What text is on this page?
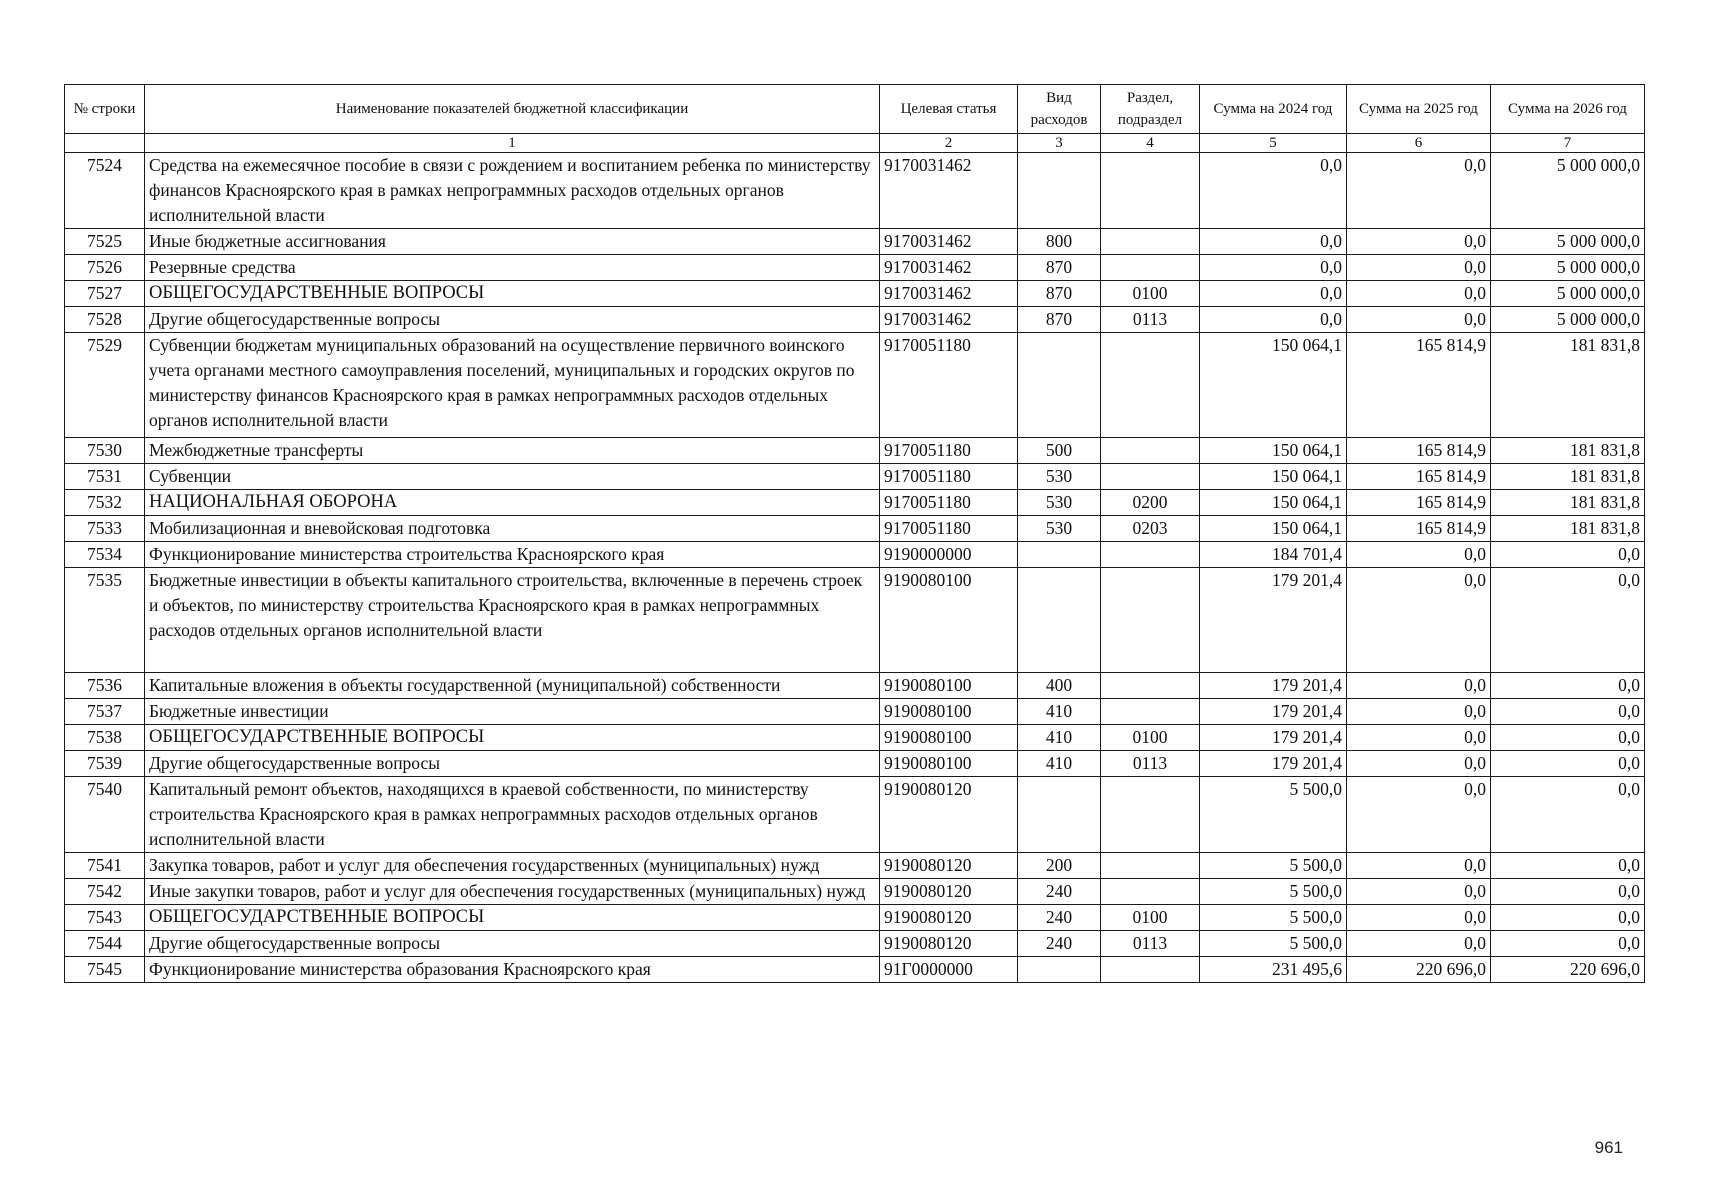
№ строки	Наименование показателей бюджетной классификации	Целевая статья	Вид расходов	Раздел, подраздел	Сумма на 2024 год	Сумма на 2025 год	Сумма на 2026 год
	1	2	3	4	5	6	7
7524	Средства на ежемесячное пособие в связи с рождением и воспитанием ребенка по министерству финансов Красноярского края в рамках непрограммных расходов отдельных органов исполнительной власти	9170031462			0,0	0,0	5 000 000,0
7525	Иные бюджетные ассигнования	9170031462	800		0,0	0,0	5 000 000,0
7526	Резервные средства	9170031462	870		0,0	0,0	5 000 000,0
7527	ОБЩЕГОСУДАРСТВЕННЫЕ ВОПРОСЫ	9170031462	870	0100	0,0	0,0	5 000 000,0
7528	Другие общегосударственные вопросы	9170031462	870	0113	0,0	0,0	5 000 000,0
7529	Субвенции бюджетам муниципальных образований на осуществление первичного воинского учета органами местного самоуправления поселений, муниципальных и городских округов по министерству финансов Красноярского края в рамках непрограммных расходов отдельных органов исполнительной власти	9170051180			150 064,1	165 814,9	181 831,8
7530	Межбюджетные трансферты	9170051180	500		150 064,1	165 814,9	181 831,8
7531	Субвенции	9170051180	530		150 064,1	165 814,9	181 831,8
7532	НАЦИОНАЛЬНАЯ ОБОРОНА	9170051180	530	0200	150 064,1	165 814,9	181 831,8
7533	Мобилизационная и вневойсковая подготовка	9170051180	530	0203	150 064,1	165 814,9	181 831,8
7534	Функционирование министерства строительства Красноярского края	9190000000			184 701,4	0,0	0,0
7535	Бюджетные инвестиции в объекты капитального строительства, включенные в перечень строек и объектов, по министерству строительства Красноярского края в рамках непрограммных расходов отдельных органов исполнительной власти	9190080100			179 201,4	0,0	0,0
7536	Капитальные вложения в объекты государственной (муниципальной) собственности	9190080100	400		179 201,4	0,0	0,0
7537	Бюджетные инвестиции	9190080100	410		179 201,4	0,0	0,0
7538	ОБЩЕГОСУДАРСТВЕННЫЕ ВОПРОСЫ	9190080100	410	0100	179 201,4	0,0	0,0
7539	Другие общегосударственные вопросы	9190080100	410	0113	179 201,4	0,0	0,0
7540	Капитальный ремонт объектов, находящихся в краевой собственности, по министерству строительства Красноярского края в рамках непрограммных расходов отдельных органов исполнительной власти	9190080120			5 500,0	0,0	0,0
7541	Закупка товаров, работ и услуг для обеспечения государственных (муниципальных) нужд	9190080120	200		5 500,0	0,0	0,0
7542	Иные закупки товаров, работ и услуг для обеспечения государственных (муниципальных) нужд	9190080120	240		5 500,0	0,0	0,0
7543	ОБЩЕГОСУДАРСТВЕННЫЕ ВОПРОСЫ	9190080120	240	0100	5 500,0	0,0	0,0
7544	Другие общегосударственные вопросы	9190080120	240	0113	5 500,0	0,0	0,0
7545	Функционирование министерства образования Красноярского края	91Г0000000			231 495,6	220 696,0	220 696,0
961
